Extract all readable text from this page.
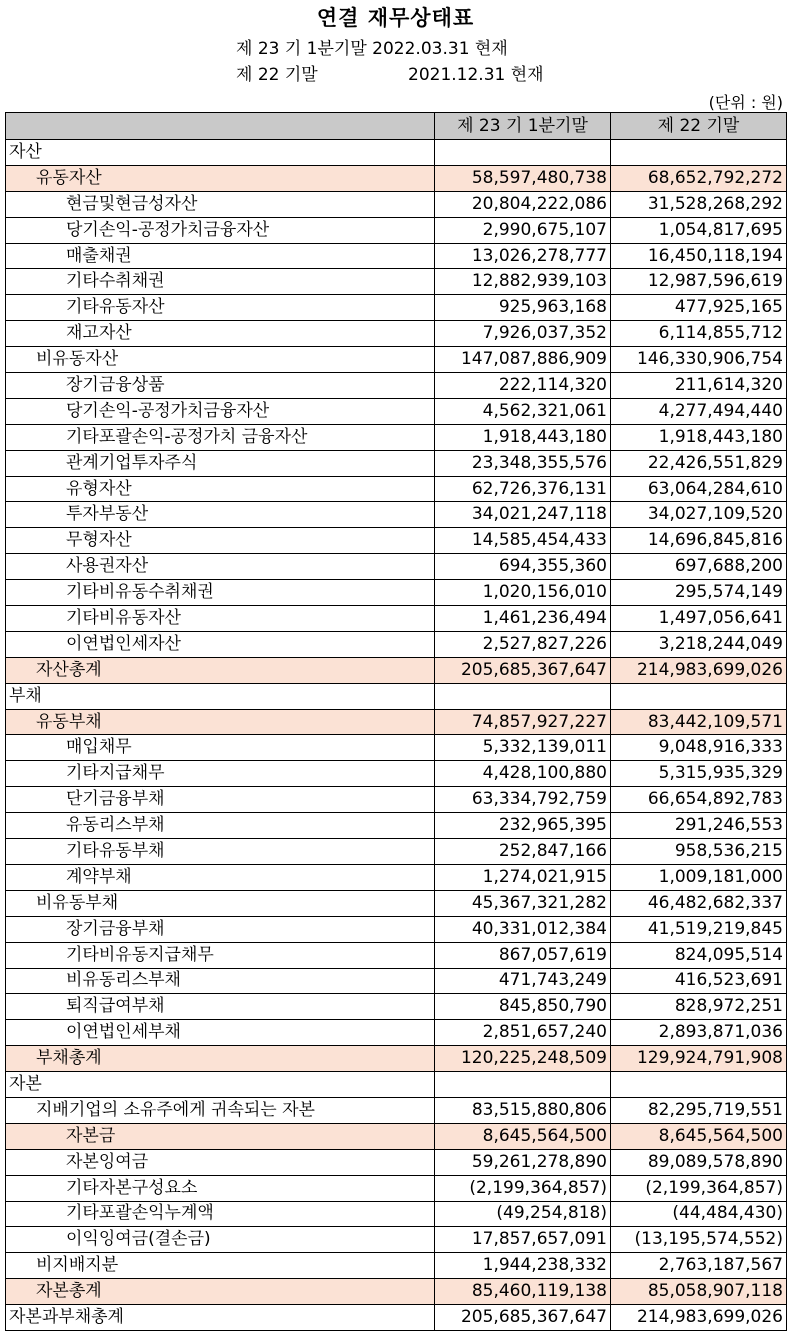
연결 재무상태표
제 23 기 1분기말 2022.03.31 현재
제 22 기말	2021.12.31 현재
(단위 : 원)
	제 23 기 1분기말	제 22 기말
자산		
유동자산	58,597,480,738	68,652,792,272
현금및현금성자산	20,804,222,086	31,528,268,292
당기손익-공정가치금융자산	2,990,675,107	1,054,817,695
매출채권	13,026,278,777	16,450,118,194
기타수취채권	12,882,939,103	12,987,596,619
기타유동자산	925,963,168	477,925,165
재고자산	7,926,037,352	6,114,855,712
비유동자산	147,087,886,909	146,330,906,754
장기금융상품	222,114,320	211,614,320
당기손익-공정가치금융자산	4,562,321,061	4,277,494,440
기타포괄손익-공정가치 금융자산	1,918,443,180	1,918,443,180
관계기업투자주식	23,348,355,576	22,426,551,829
유형자산	62,726,376,131	63,064,284,610
투자부동산	34,021,247,118	34,027,109,520
무형자산	14,585,454,433	14,696,845,816
사용권자산	694,355,360	697,688,200
기타비유동수취채권	1,020,156,010	295,574,149
기타비유동자산	1,461,236,494	1,497,056,641
이연법인세자산	2,527,827,226	3,218,244,049
자산총계	205,685,367,647	214,983,699,026
부채		
유동부채	74,857,927,227	83,442,109,571
매입채무	5,332,139,011	9,048,916,333
기타지급채무	4,428,100,880	5,315,935,329
단기금융부채	63,334,792,759	66,654,892,783
유동리스부채	232,965,395	291,246,553
기타유동부채	252,847,166	958,536,215
계약부채	1,274,021,915	1,009,181,000
비유동부채	45,367,321,282	46,482,682,337
장기금융부채	40,331,012,384	41,519,219,845
기타비유동지급채무	867,057,619	824,095,514
비유동리스부채	471,743,249	416,523,691
퇴직급여부채	845,850,790	828,972,251
이연법인세부채	2,851,657,240	2,893,871,036
부채총계	120,225,248,509	129,924,791,908
자본		
지배기업의 소유주에게 귀속되는 자본	83,515,880,806	82,295,719,551
자본금	8,645,564,500	8,645,564,500
자본잉여금	59,261,278,890	89,089,578,890
기타자본구성요소	(2,199,364,857)	(2,199,364,857)
기타포괄손익누계액	(49,254,818)	(44,484,430)
이익잉여금(결손금)	17,857,657,091	(13,195,574,552)
비지배지분	1,944,238,332	2,763,187,567
자본총계	85,460,119,138	85,058,907,118
자본과부채총계	205,685,367,647	214,983,699,026
